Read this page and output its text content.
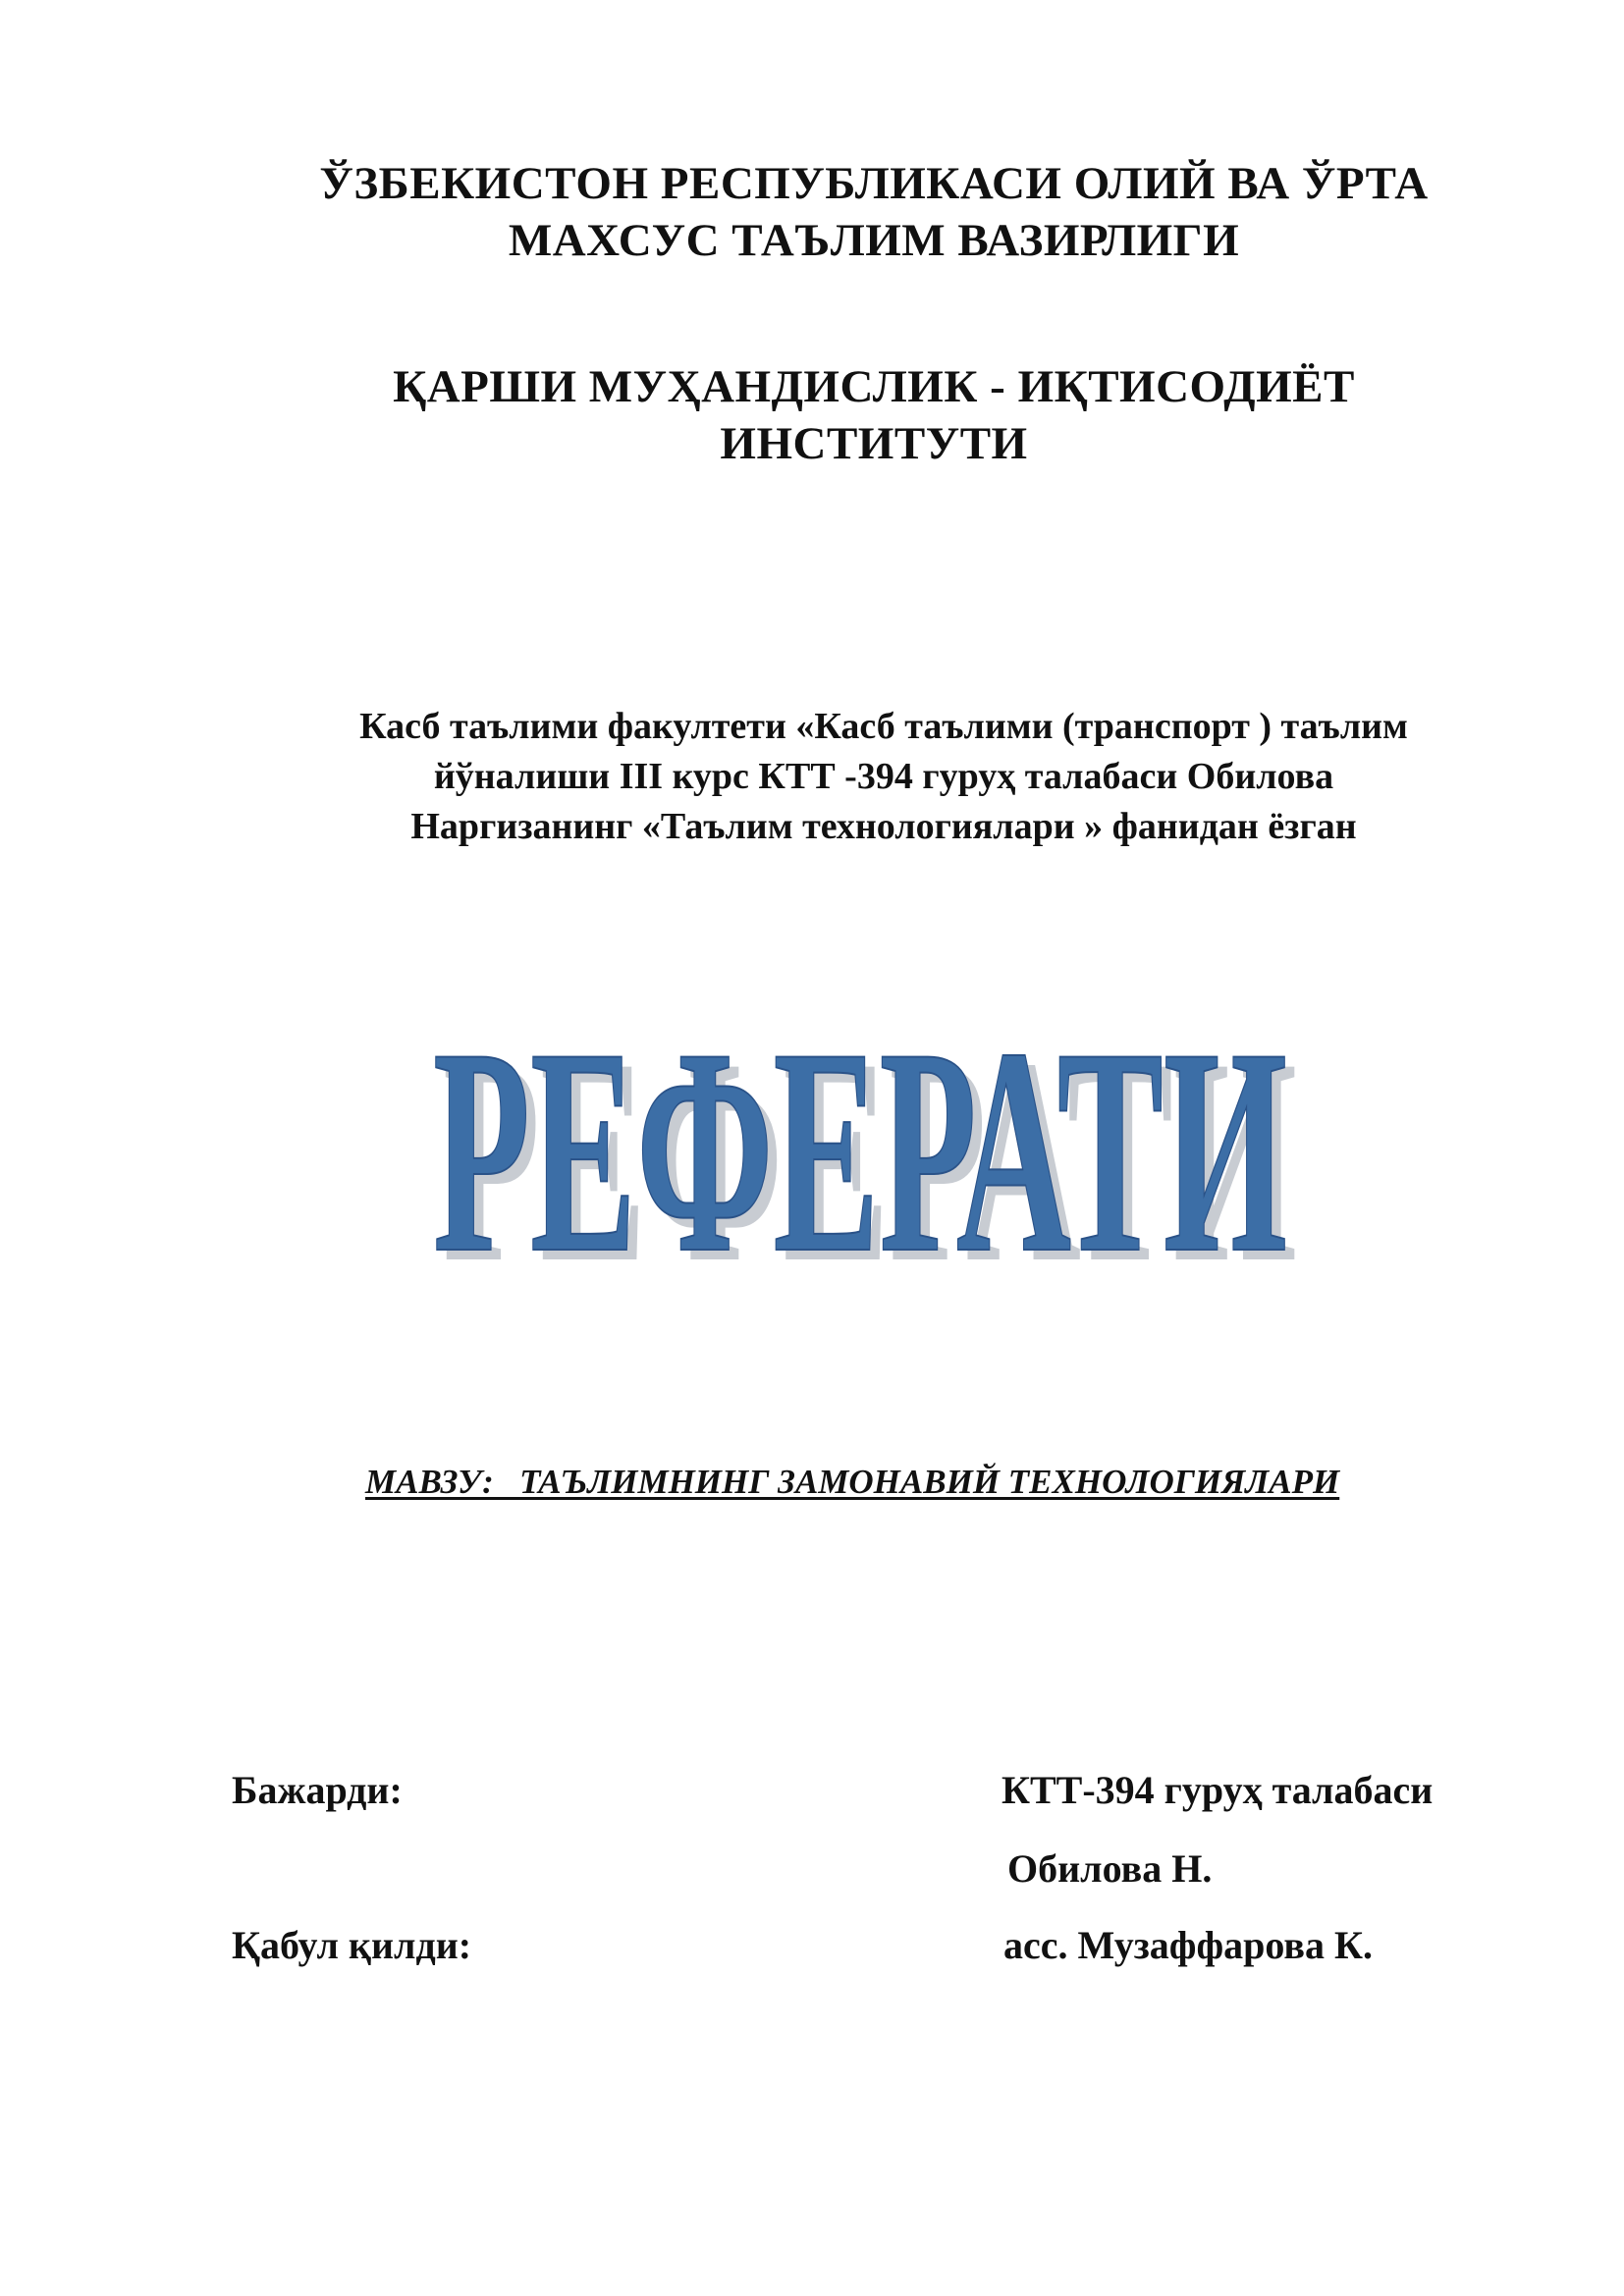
ЎЗБЕКИСТОН РЕСПУБЛИКАСИ ОЛИЙ ВА ЎРТА
МАХСУС ТАЪЛИМ ВАЗИРЛИГИ
ҚАРШИ МУҲАНДИСЛИК - ИҚТИСОДИЁТ
ИНСТИТУТИ
Касб таълими факултети «Касб таълими (транспорт ) таълим
йўналиши III курс КТТ -394 гуруҳ талабаси Обилова
Наргизанинг «Таълим технологиялари » фанидан ёзган
РЕФЕРАТИ
РЕФЕРАТИ
МАВЗУ:   ТАЪЛИМНИНГ ЗАМОНАВИЙ ТЕХНОЛОГИЯЛАРИ
Бажарди:	КТТ-394 гуруҳ талабаси
Обилова Н.
Қабул қилди:	асс. Музаффарова К.
